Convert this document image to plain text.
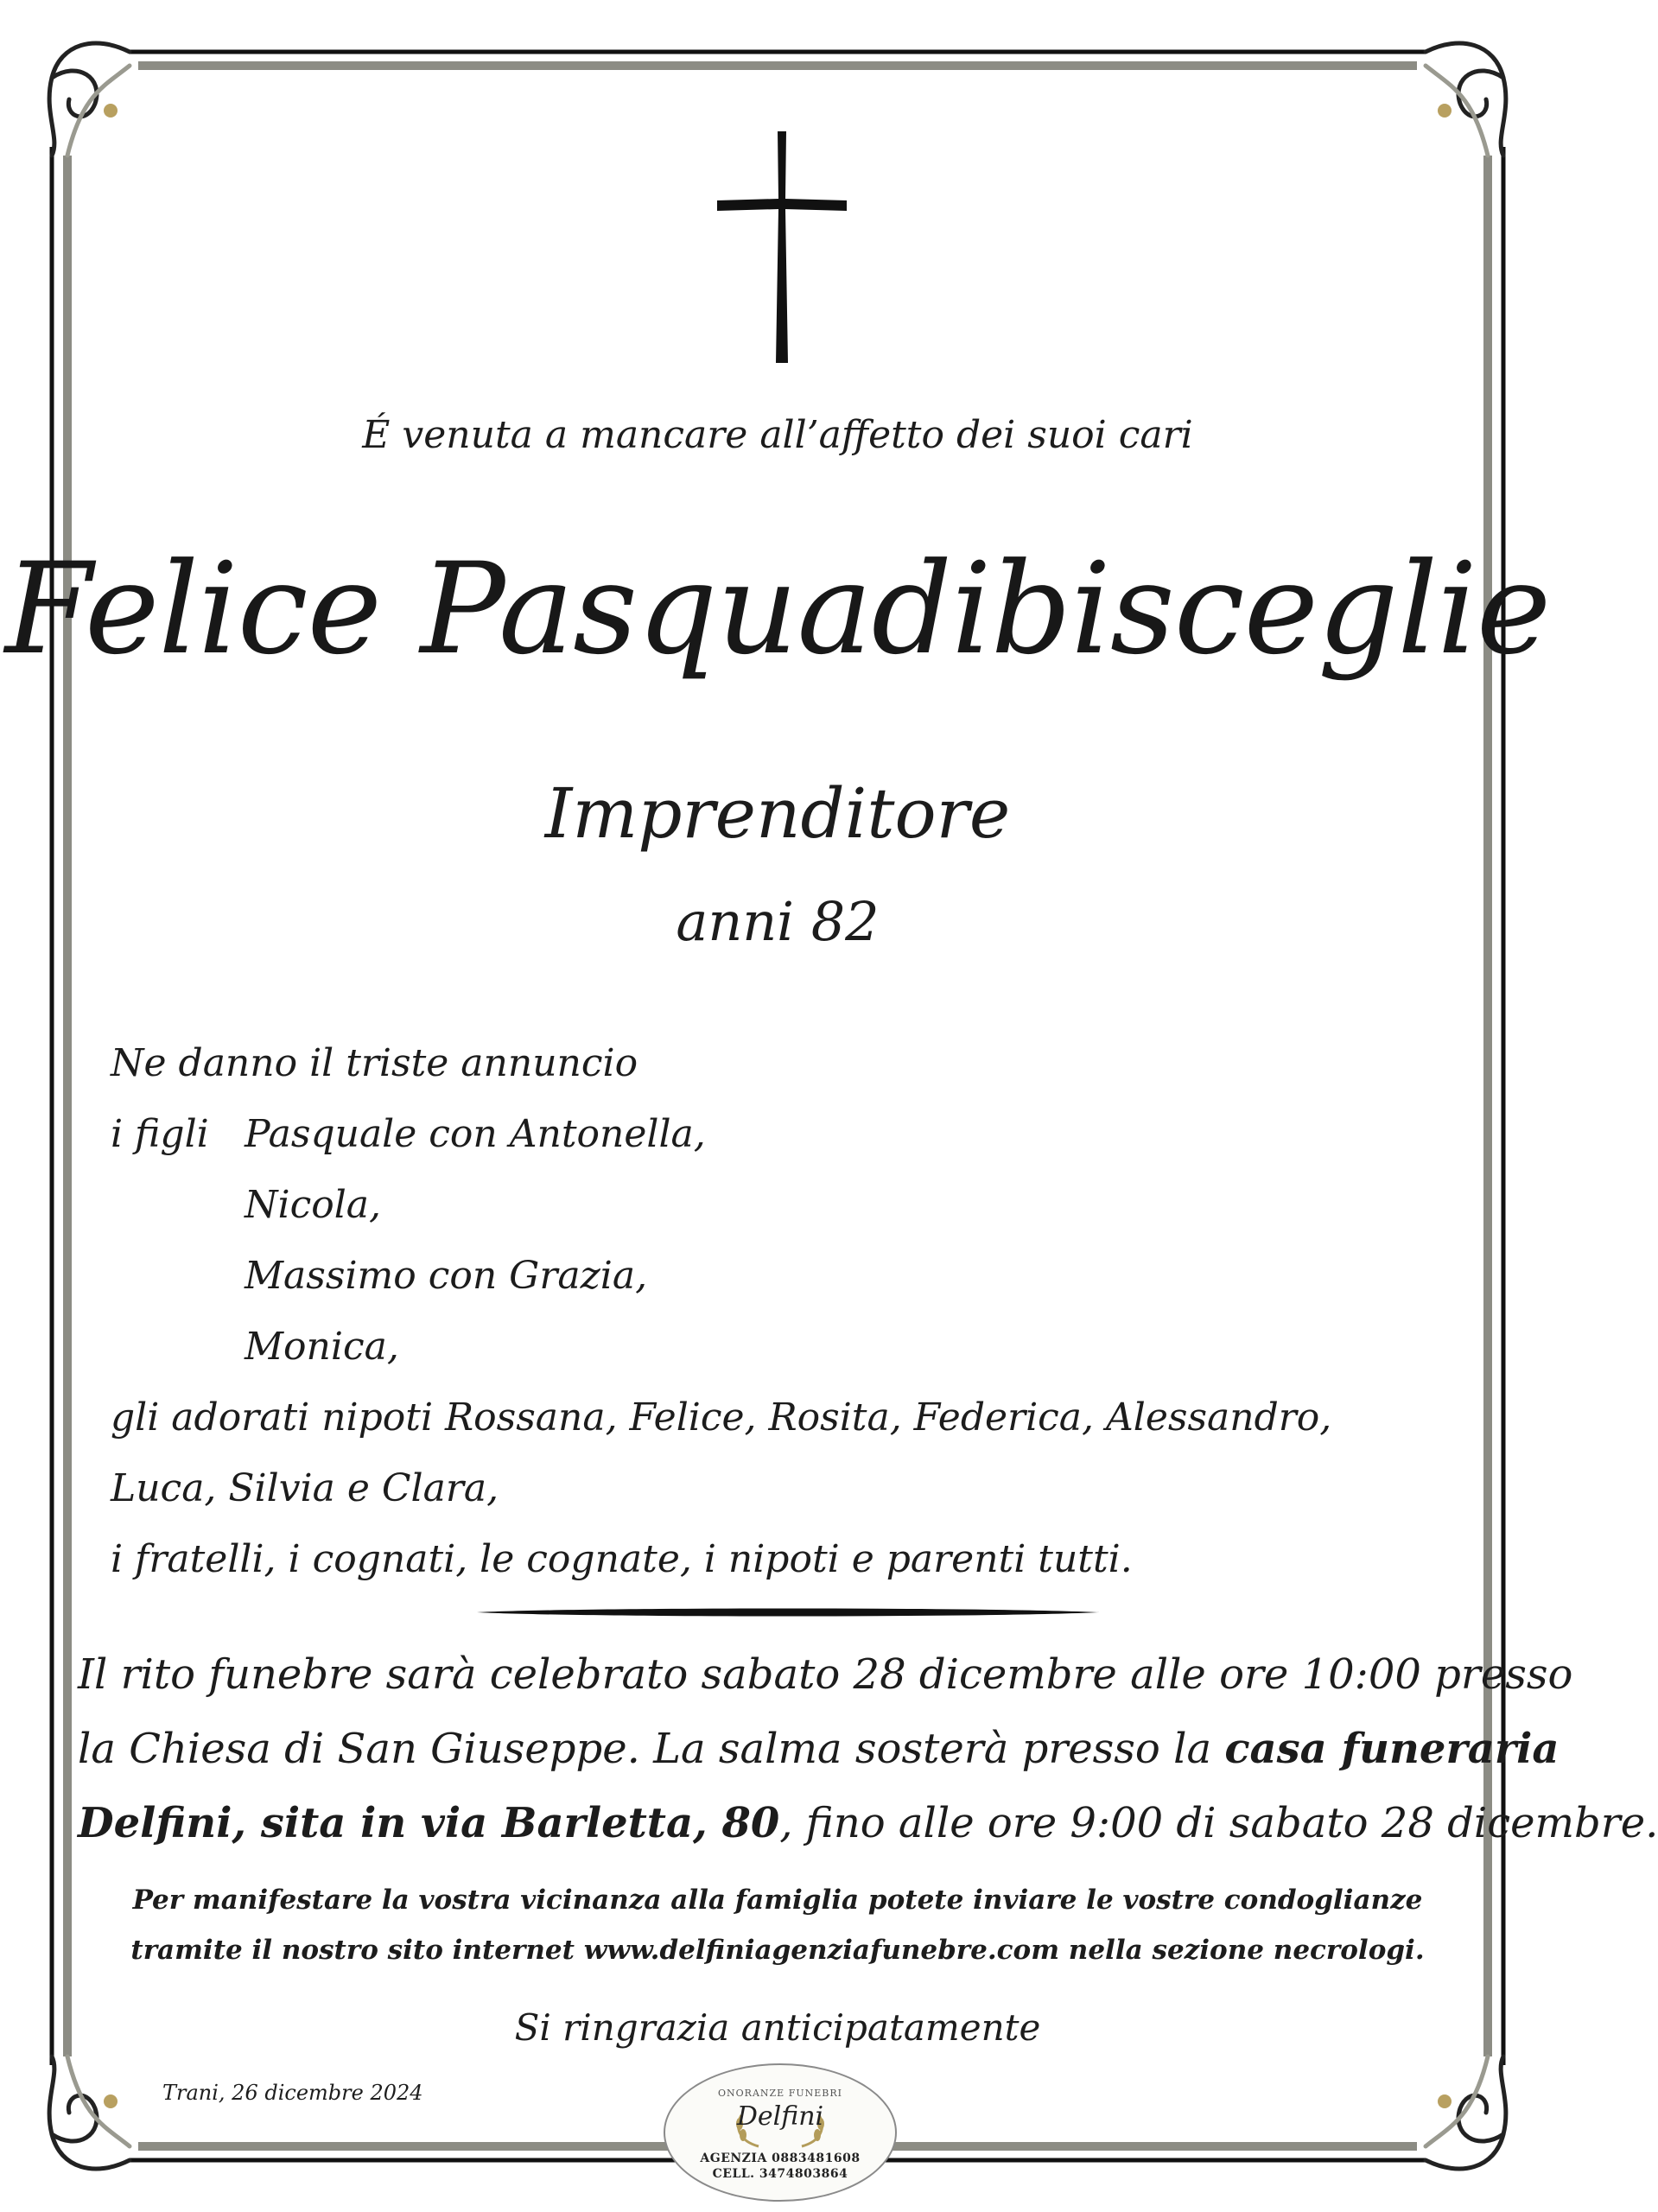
É venuta a mancare all’affetto dei suoi cari
Felice Pasquadibisceglie
Imprenditore
anni 82
Ne danno il triste annuncio
i figli Pasquale con Antonella,
Nicola,
Massimo con Grazia,
Monica,
gli adorati nipoti Rossana, Felice, Rosita, Federica, Alessandro,
Luca, Silvia e Clara,
i fratelli, i cognati, le cognate, i nipoti e parenti tutti.
Il rito funebre sarà celebrato sabato 28 dicembre alle ore 10:00 presso
la Chiesa di San Giuseppe. La salma sosterà presso la casa funeraria
Delfini, sita in via Barletta, 80, fino alle ore 9:00 di sabato 28 dicembre.
Per manifestare la vostra vicinanza alla famiglia potete inviare le vostre condoglianze
tramite il nostro sito internet www.delfiniagenziafunebre.com nella sezione necrologi.
Si ringrazia anticipatamente
Trani, 26 dicembre 2024	ONORANZE FUNEBRI
Delfini
AGENZIA 0883481608
CELL. 3474803864
